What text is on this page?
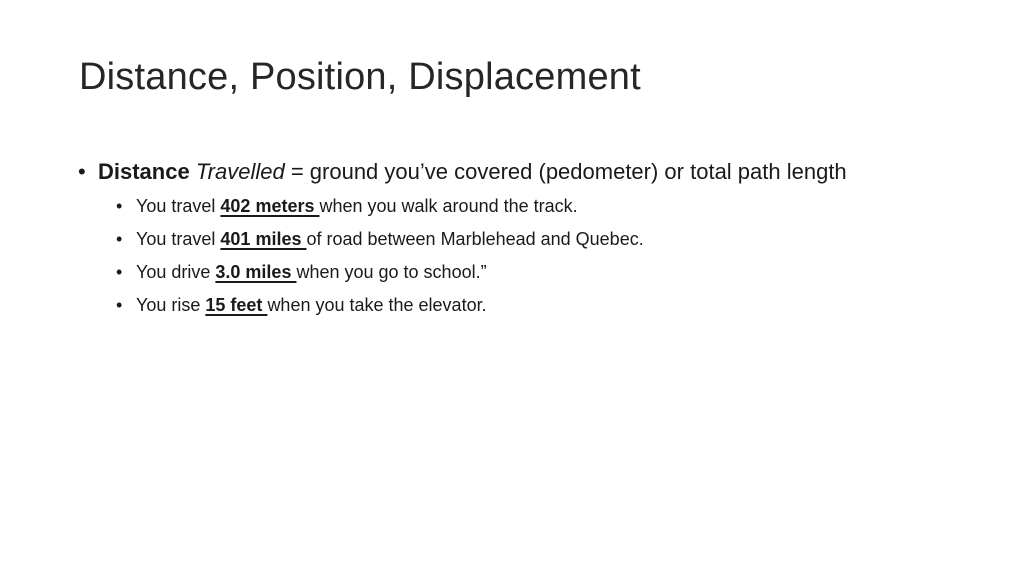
Distance, Position, Displacement
• Distance Travelled = ground you’ve covered (pedometer) or total path length
• You travel 402 meters when you walk around the track.
• You travel 401 miles of road between Marblehead and Quebec.
• You drive 3.0 miles when you go to school.”
• You rise 15 feet when you take the elevator.
